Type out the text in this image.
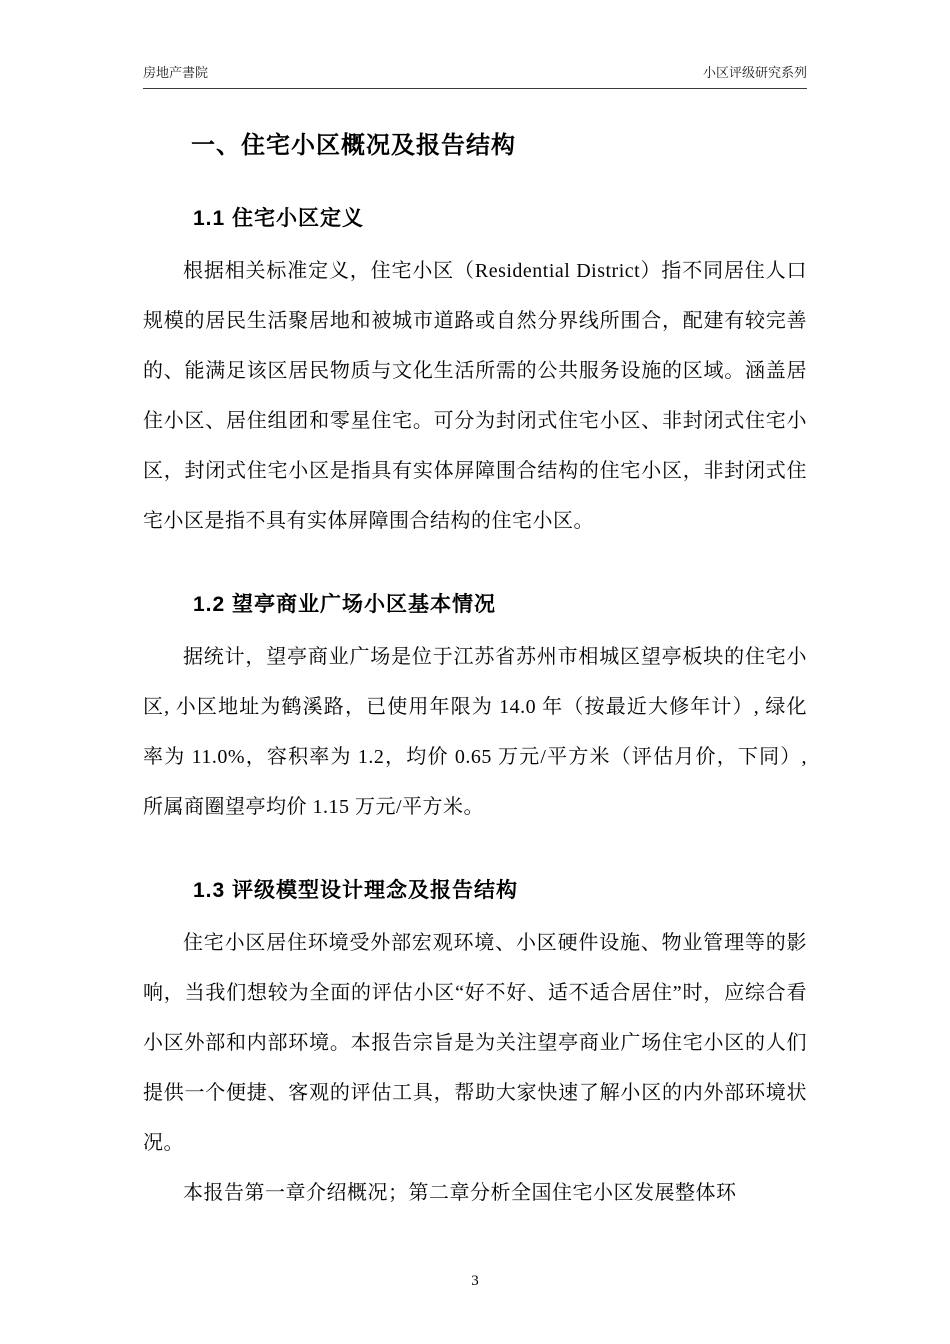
房地产書院	小区评级研究系列
一、住宅小区概况及报告结构
1.1 住宅小区定义

根据相关标准定义，住宅小区（Residential District）指不同居住人口规模的居民生活聚居地和被城市道路或自然分界线所围合，配建有较完善的、能满足该区居民物质与文化生活所需的公共服务设施的区域。涵盖居住小区、居住组团和零星住宅。可分为封闭式住宅小区、非封闭式住宅小区，封闭式住宅小区是指具有实体屏障围合结构的住宅小区，非封闭式住宅小区是指不具有实体屏障围合结构的住宅小区。

1.2 望亭商业广场小区基本情况

据统计，望亭商业广场是位于江苏省苏州市相城区望亭板块的住宅小区, 小区地址为鹤溪路，已使用年限为 14.0 年（按最近大修年计）, 绿化率为 11.0%，容积率为 1.2，均价 0.65 万元/平方米（评估月价，下同）, 所属商圈望亭均价 1.15 万元/平方米。

1.3 评级模型设计理念及报告结构

住宅小区居住环境受外部宏观环境、小区硬件设施、物业管理等的影响，当我们想较为全面的评估小区“好不好、适不适合居住”时，应综合看小区外部和内部环境。本报告宗旨是为关注望亭商业广场住宅小区的人们提供一个便捷、客观的评估工具，帮助大家快速了解小区的内外部环境状况。

本报告第一章介绍概况；第二章分析全国住宅小区发展整体环

3
